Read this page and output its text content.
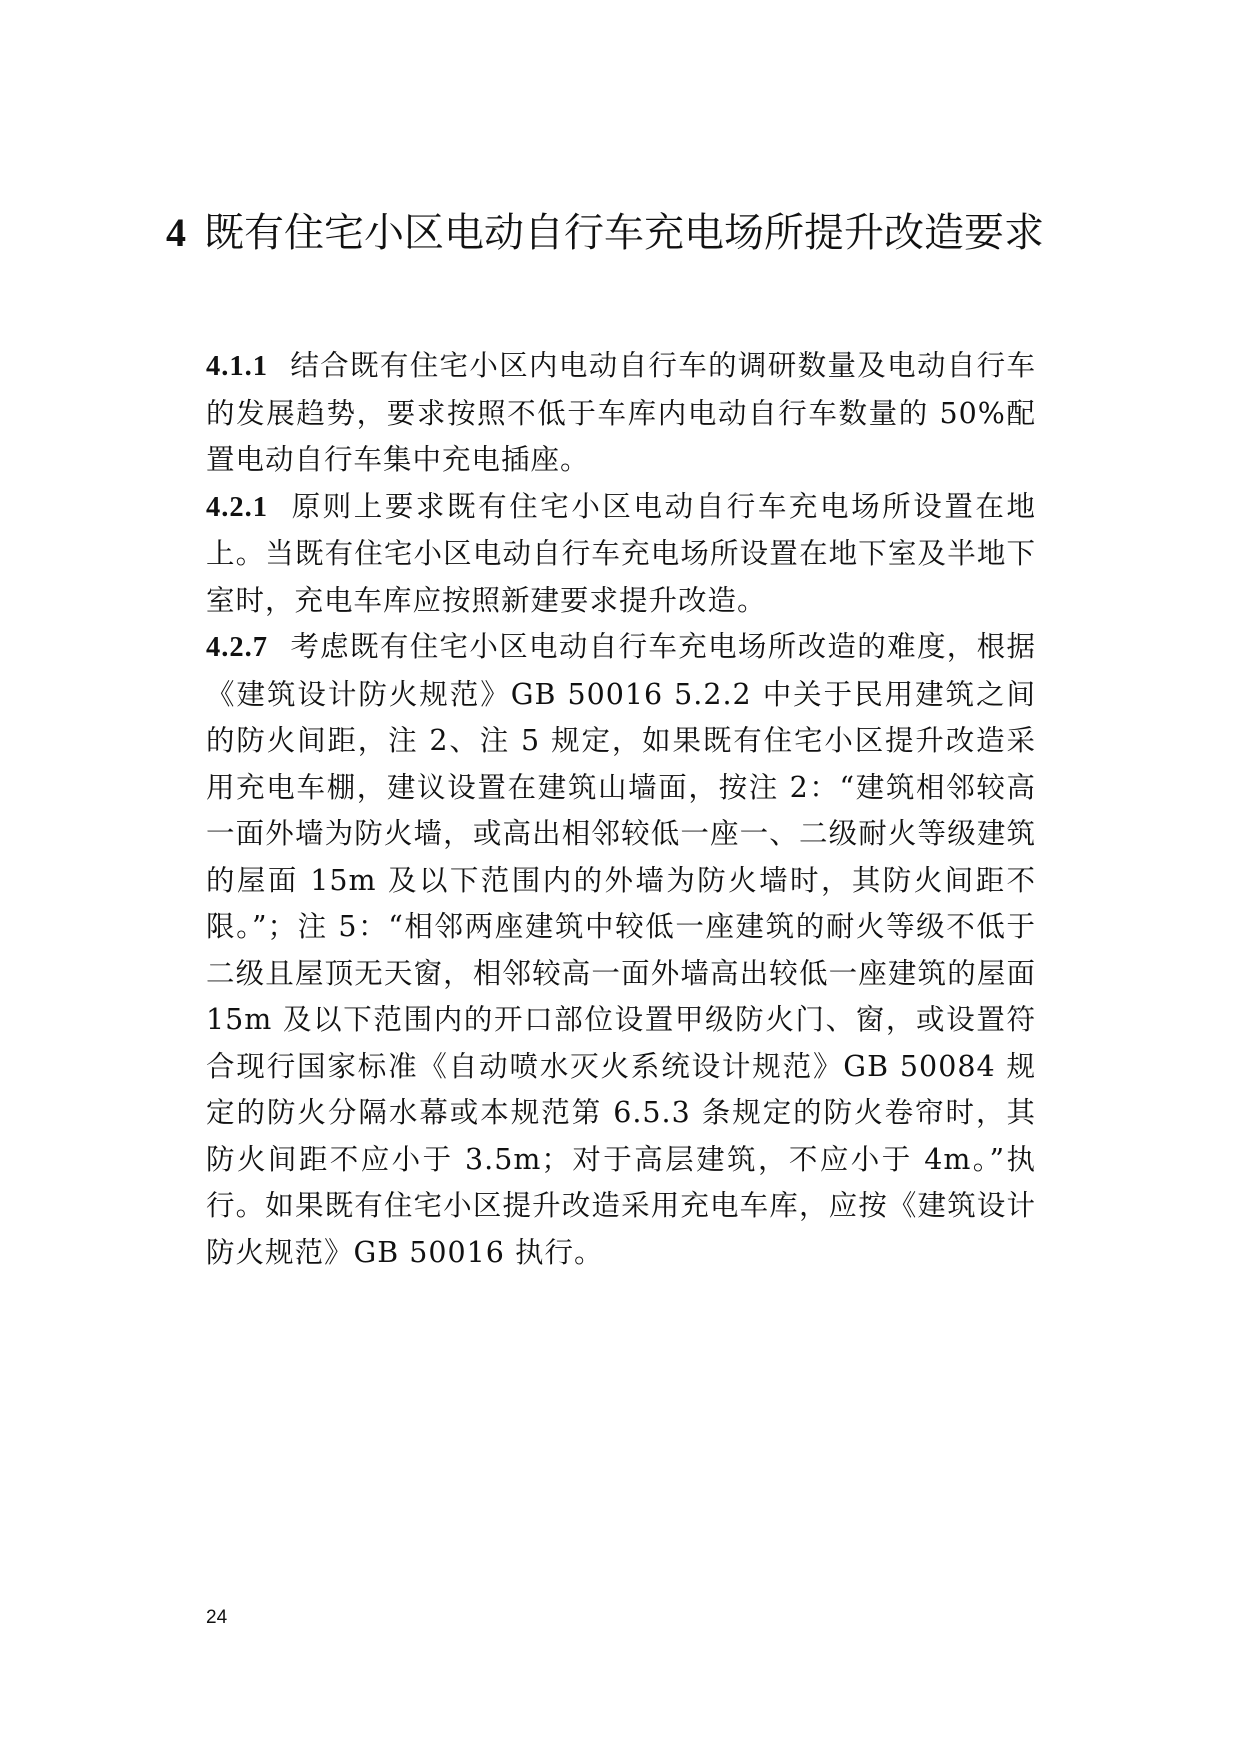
4 既有住宅小区电动自行车充电场所提升改造要求

4.1.1 结合既有住宅小区内电动自行车的调研数量及电动自行车的发展趋势，要求按照不低于车库内电动自行车数量的 50%配置电动自行车集中充电插座。

4.2.1 原则上要求既有住宅小区电动自行车充电场所设置在地上。当既有住宅小区电动自行车充电场所设置在地下室及半地下室时，充电车库应按照新建要求提升改造。

4.2.7 考虑既有住宅小区电动自行车充电场所改造的难度，根据《建筑设计防火规范》GB 50016 5.2.2 中关于民用建筑之间的防火间距，注 2、注 5 规定，如果既有住宅小区提升改造采用充电车棚，建议设置在建筑山墙面，按注 2：“建筑相邻较高一面外墙为防火墙，或高出相邻较低一座一、二级耐火等级建筑的屋面 15m 及以下范围内的外墙为防火墙时，其防火间距不限。”；注 5：“相邻两座建筑中较低一座建筑的耐火等级不低于二级且屋顶无天窗，相邻较高一面外墙高出较低一座建筑的屋面 15m 及以下范围内的开口部位设置甲级防火门、窗，或设置符合现行国家标准《自动喷水灭火系统设计规范》GB 50084 规定的防火分隔水幕或本规范第 6.5.3 条规定的防火卷帘时，其防火间距不应小于 3.5m；对于高层建筑，不应小于 4m。”执行。如果既有住宅小区提升改造采用充电车库，应按《建筑设计防火规范》GB 50016 执行。

24
